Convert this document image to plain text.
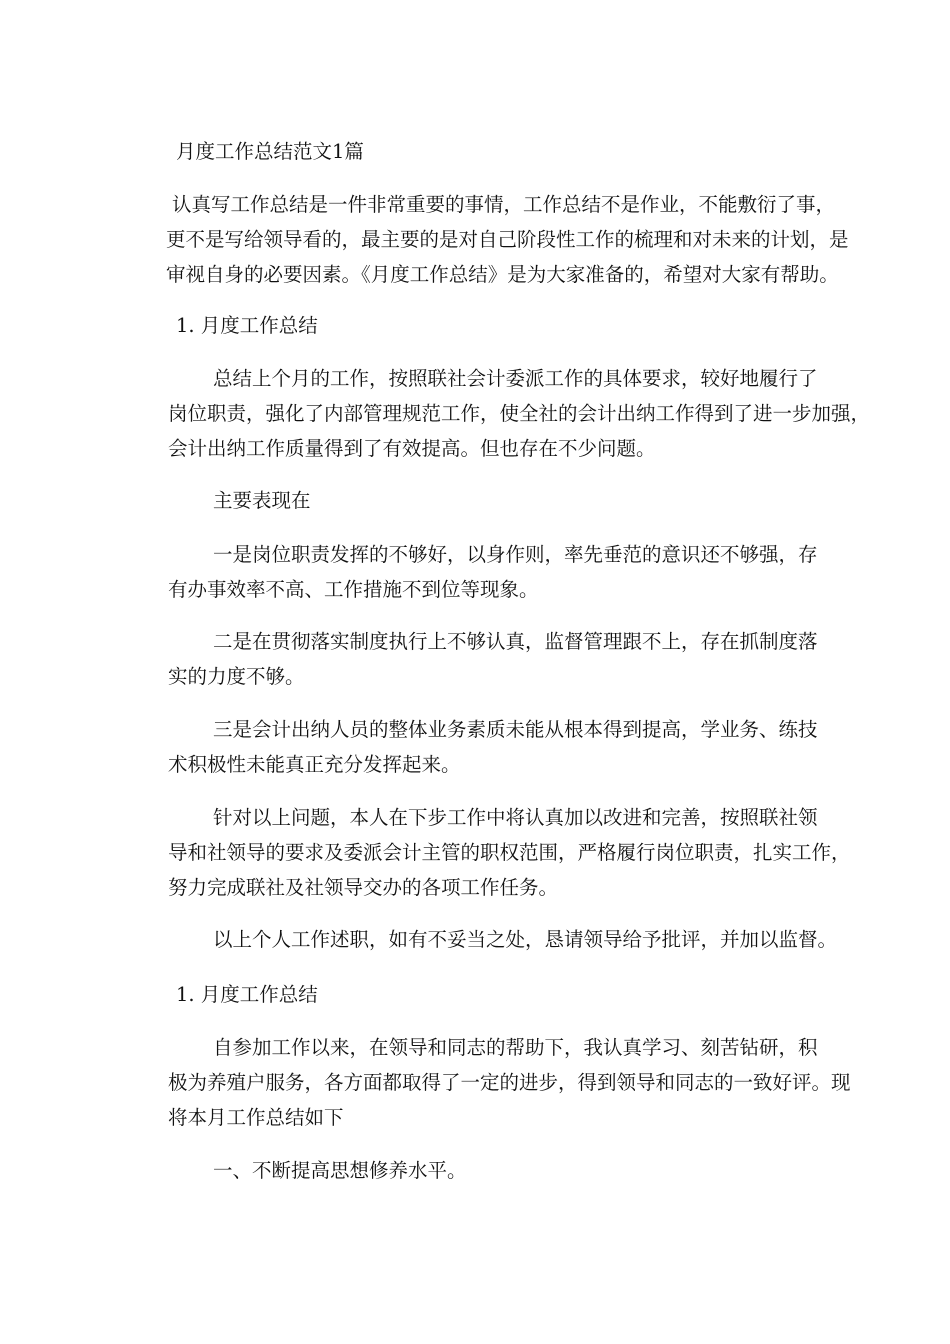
月度工作总结范文1篇

认真写工作总结是一件非常重要的事情，工作总结不是作业，不能敷衍了事，
更不是写给领导看的，最主要的是对自己阶段性工作的梳理和对未来的计划，是
审视自身的必要因素。《月度工作总结》是为大家准备的，希望对大家有帮助。

1. 月度工作总结

总结上个月的工作，按照联社会计委派工作的具体要求，较好地履行了
岗位职责，强化了内部管理规范工作，使全社的会计出纳工作得到了进一步加强，
会计出纳工作质量得到了有效提高。但也存在不少问题。

主要表现在

一是岗位职责发挥的不够好，以身作则，率先垂范的意识还不够强，存
有办事效率不高、工作措施不到位等现象。

二是在贯彻落实制度执行上不够认真，监督管理跟不上，存在抓制度落
实的力度不够。

三是会计出纳人员的整体业务素质未能从根本得到提高，学业务、练技
术积极性未能真正充分发挥起来。

针对以上问题，本人在下步工作中将认真加以改进和完善，按照联社领
导和社领导的要求及委派会计主管的职权范围，严格履行岗位职责，扎实工作，
努力完成联社及社领导交办的各项工作任务。

以上个人工作述职，如有不妥当之处，恳请领导给予批评，并加以监督。

1. 月度工作总结

自参加工作以来，在领导和同志的帮助下，我认真学习、刻苦钻研，积
极为养殖户服务，各方面都取得了一定的进步，得到领导和同志的一致好评。现
将本月工作总结如下

一、不断提高思想修养水平。
